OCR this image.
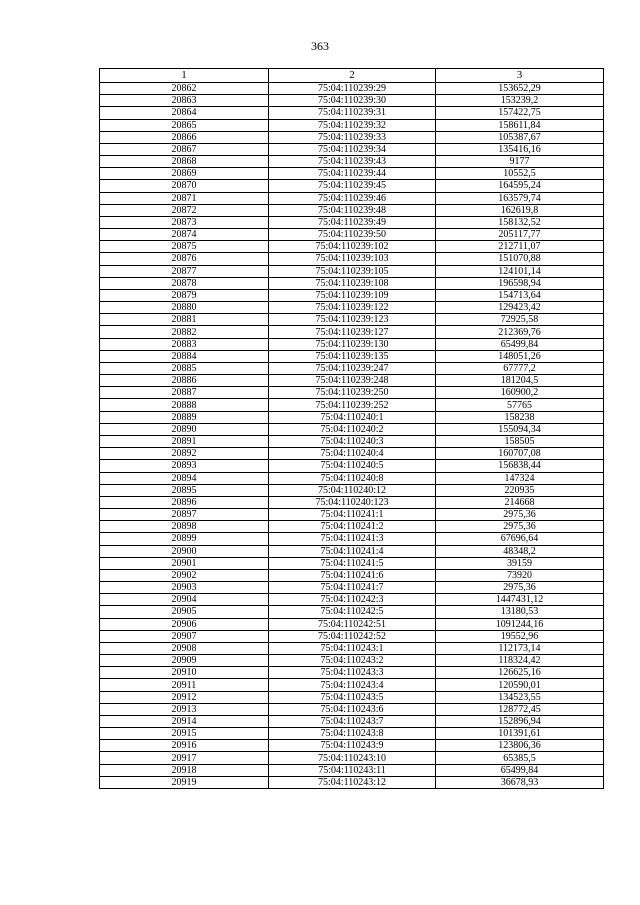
363
1	2	3
20862	75:04:110239:29	153652,29
20863	75:04:110239:30	153239,2
20864	75:04:110239:31	157422,75
20865	75:04:110239:32	158611,84
20866	75:04:110239:33	105387,67
20867	75:04:110239:34	135416,16
20868	75:04:110239:43	9177
20869	75:04:110239:44	10552,5
20870	75:04:110239:45	164595,24
20871	75:04:110239:46	163579,74
20872	75:04:110239:48	162619,8
20873	75:04:110239:49	158132,52
20874	75:04:110239:50	205117,77
20875	75:04:110239:102	212711,07
20876	75:04:110239:103	151070,88
20877	75:04:110239:105	124101,14
20878	75:04:110239:108	196598,94
20879	75:04:110239:109	154713,64
20880	75:04:110239:122	129423,42
20881	75:04:110239:123	72925,58
20882	75:04:110239:127	212369,76
20883	75:04:110239:130	65499,84
20884	75:04:110239:135	148051,26
20885	75:04:110239:247	67777,2
20886	75:04:110239:248	181204,5
20887	75:04:110239:250	160900,2
20888	75:04:110239:252	57765
20889	75:04:110240:1	158238
20890	75:04:110240:2	155094,34
20891	75:04:110240:3	158505
20892	75:04:110240:4	160707,08
20893	75:04:110240:5	156838,44
20894	75:04:110240:8	147324
20895	75:04:110240:12	220935
20896	75:04:110240:123	214668
20897	75:04:110241:1	2975,36
20898	75:04:110241:2	2975,36
20899	75:04:110241:3	67696,64
20900	75:04:110241:4	48348,2
20901	75:04:110241:5	39159
20902	75:04:110241:6	73920
20903	75:04:110241:7	2975,36
20904	75:04:110242:3	1447431,12
20905	75:04:110242:5	13180,53
20906	75:04:110242:51	1091244,16
20907	75:04:110242:52	19552,96
20908	75:04:110243:1	112173,14
20909	75:04:110243:2	118324,42
20910	75:04:110243:3	126625,16
20911	75:04:110243:4	120590,01
20912	75:04:110243:5	134523,55
20913	75:04:110243:6	128772,45
20914	75:04:110243:7	152896,94
20915	75:04:110243:8	101391,61
20916	75:04:110243:9	123806,36
20917	75:04:110243:10	65385,5
20918	75:04:110243:11	65499,84
20919	75:04:110243:12	36678,93
